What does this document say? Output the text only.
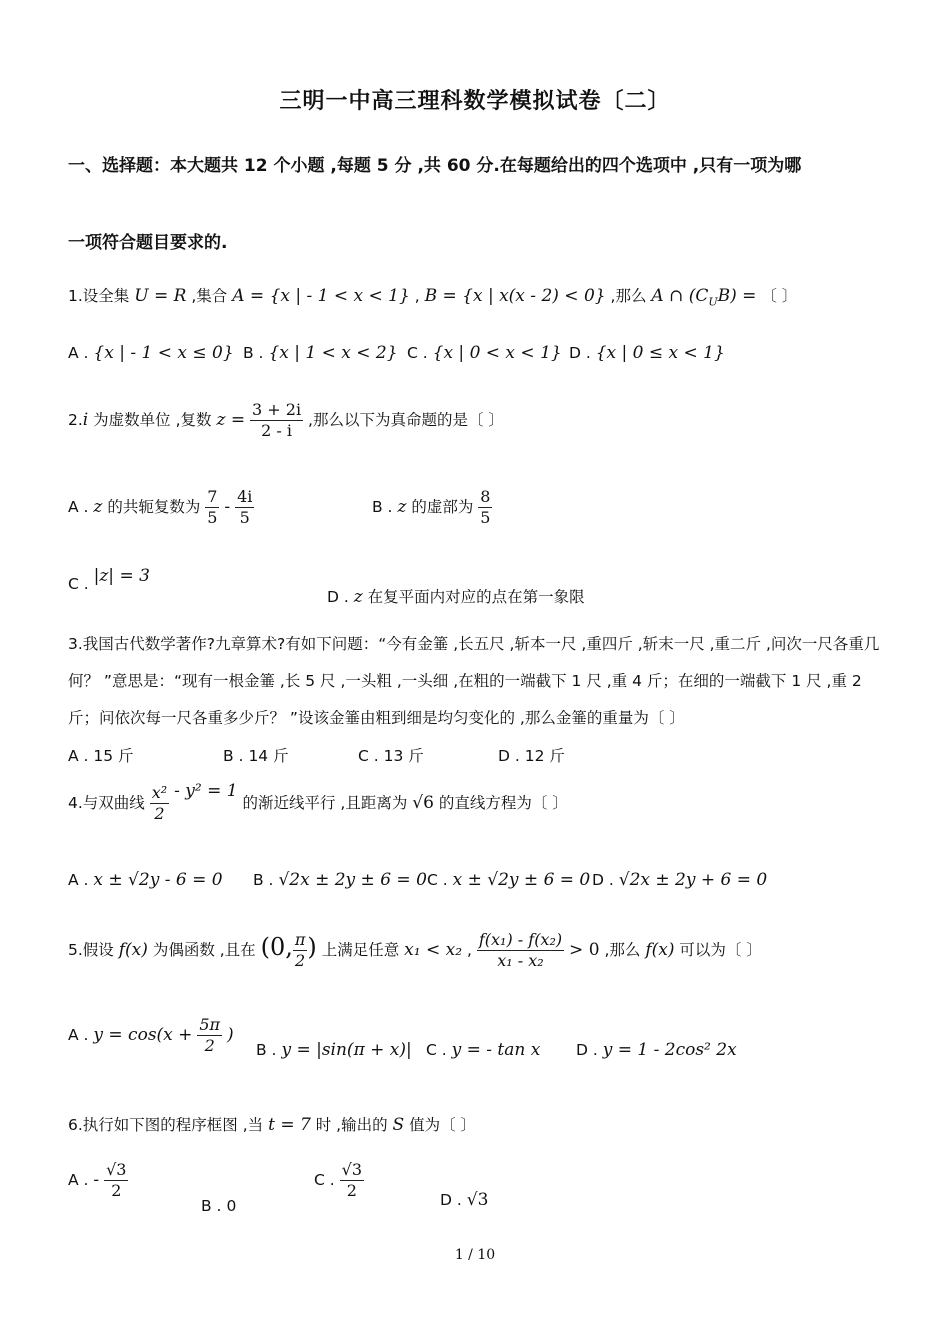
三明一中高三理科数学模拟试卷〔二〕
一、选择题：本大题共 12 个小题 ,每题 5 分 ,共 60 分.在每题给出的四个选项中 ,只有一项为哪
一项符合题目要求的.
1.设全集 U = R ,集合 A = {x | - 1 < x < 1} , B = {x | x(x - 2) < 0} ,那么 A ∩ $(C_UB)$ = 〔 〕
A . {x | - 1 < x ≤ 0} B . {x | 1 < x < 2} C . {x | 0 < x < 1} D . {x | 0 ≤ x < 1}
2.i 为虚数单位 ,复数 $z = \frac{3 + 2i}{2 - i}$ ,那么以下为真命题的是〔 〕
A . z 的共轭复数为 $\frac{7}{5} - \frac{4i}{5}$	B . z 的虚部为 $\frac{8}{5}$
C . |z| = 3
D . z 在复平面内对应的点在第一象限
3.我国古代数学著作?九章算术?有如下问题：“今有金箠 ,长五尺 ,斩本一尺 ,重四斤 ,斩末一尺 ,重二斤 ,问次一尺各重几何？ ”意思是：“现有一根金箠 ,长 5 尺 ,一头粗 ,一头细 ,在粗的一端截下 1 尺 ,重 4 斤；在细的一端截下 1 尺 ,重 2 斤；问依次每一尺各重多少斤？ ”设该金箠由粗到细是均匀变化的 ,那么金箠的重量为〔 〕
A . 15 斤	B . 14 斤	C . 13 斤	D . 12 斤
4.与双曲线 $\frac{\text{x²}}{2} - y^2 = 1$ 的渐近线平行 ,且距离为 √6 的直线方程为〔 〕
A . x ± √2y - 6 = 0 B . √2x ± 2y ± 6 = 0 C . x ± √2y ± 6 = 0 D . √2x ± 2y + 6 = 0
5.假设 f(x) 为偶函数 ,且在 (0, $\frac{\pi}{2}$ ) 上满足任意 x₁ < x₂ , $\frac{\text{f(x₁) - f(x₂)}}{\text{x₁ - x₂}} > 0$ ,那么 f(x) 可以为〔 〕
A . $y = \cos(x + \frac{5\pi}{2}$ )
B . y = |sin(π + x)| C . y = - tan x D . y = 1 - 2cos² 2x
6.执行如下图的程序框图 ,当 t = 7 时 ,输出的 S 值为〔 〕
A . - $\frac{√3}{2}$
B . 0
C . $\frac{√3}{2}$	D . √3
1 / 10
